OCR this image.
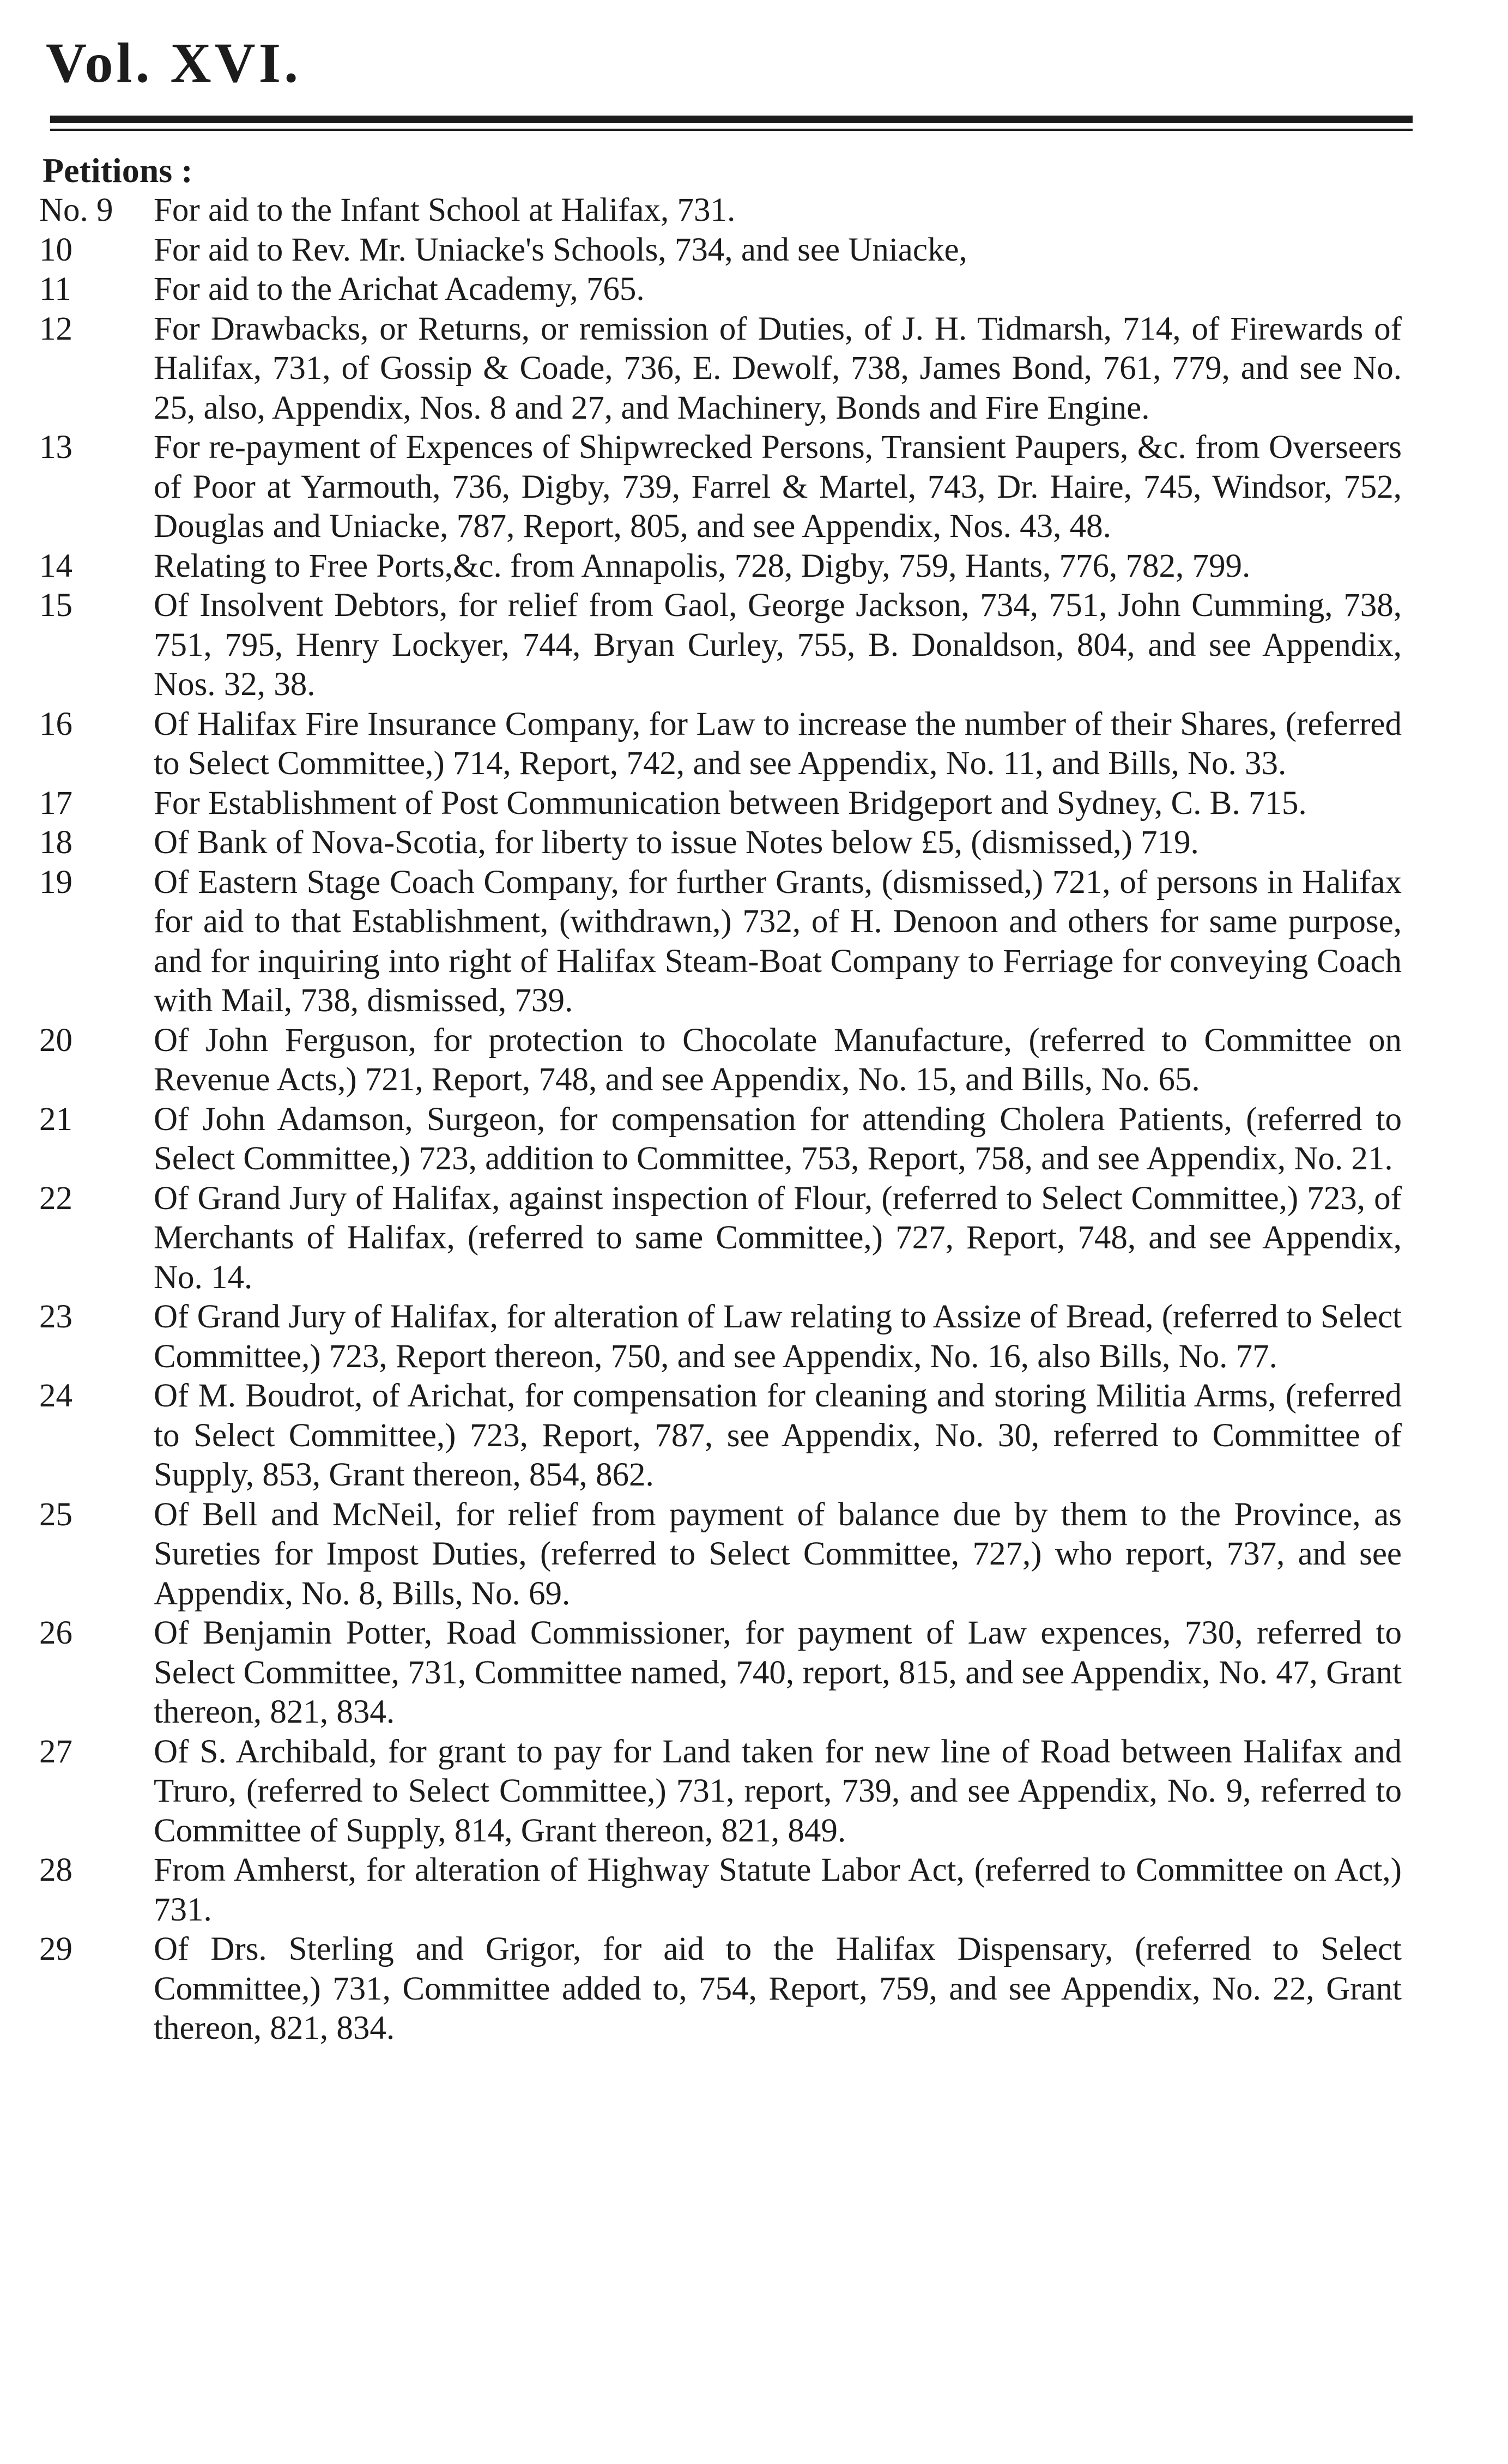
Vol. XVI.
Petitions :
No. 9	For aid to the Infant School at Halifax, 731.
10	For aid to Rev. Mr. Uniacke's Schools, 734, and see Uniacke,
11	For aid to the Arichat Academy, 765.
12	For Drawbacks, or Returns, or remission of Duties, of J. H. Tidmarsh, 714, of Firewards of Halifax, 731, of Gossip & Coade, 736, E. Dewolf, 738, James Bond, 761, 779, and see No. 25, also, Appendix, Nos. 8 and 27, and Machinery, Bonds and Fire Engine.
13	For re-payment of Expences of Shipwrecked Persons, Transient Paupers, &c. from Overseers of Poor at Yarmouth, 736, Digby, 739, Farrel & Martel, 743, Dr. Haire, 745, Windsor, 752, Douglas and Uniacke, 787, Report, 805, and see Appendix, Nos. 43, 48.
14	Relating to Free Ports,&c. from Annapolis, 728, Digby, 759, Hants, 776, 782, 799.
15	Of Insolvent Debtors, for relief from Gaol, George Jackson, 734, 751, John Cumming, 738, 751, 795, Henry Lockyer, 744, Bryan Curley, 755, B. Donaldson, 804, and see Appendix, Nos. 32, 38.
16	Of Halifax Fire Insurance Company, for Law to increase the number of their Shares, (referred to Select Committee,) 714, Report, 742, and see Appendix, No. 11, and Bills, No. 33.
17	For Establishment of Post Communication between Bridgeport and Sydney, C. B. 715.
18	Of Bank of Nova-Scotia, for liberty to issue Notes below £5, (dismissed,) 719.
19	Of Eastern Stage Coach Company, for further Grants, (dismissed,) 721, of persons in Halifax for aid to that Establishment, (withdrawn,) 732, of H. Denoon and others for same purpose, and for inquiring into right of Halifax Steam-Boat Company to Ferriage for conveying Coach with Mail, 738, dismissed, 739.
20	Of John Ferguson, for protection to Chocolate Manufacture, (referred to Committee on Revenue Acts,) 721, Report, 748, and see Appendix, No. 15, and Bills, No. 65.
21	Of John Adamson, Surgeon, for compensation for attending Cholera Patients, (referred to Select Committee,) 723, addition to Committee, 753, Report, 758, and see Appendix, No. 21.
22	Of Grand Jury of Halifax, against inspection of Flour, (referred to Select Committee,) 723, of Merchants of Halifax, (referred to same Committee,) 727, Report, 748, and see Appendix, No. 14.
23	Of Grand Jury of Halifax, for alteration of Law relating to Assize of Bread, (referred to Select Committee,) 723, Report thereon, 750, and see Appendix, No. 16, also Bills, No. 77.
24	Of M. Boudrot, of Arichat, for compensation for cleaning and storing Militia Arms, (referred to Select Committee,) 723, Report, 787, see Appendix, No. 30, referred to Committee of Supply, 853, Grant thereon, 854, 862.
25	Of Bell and McNeil, for relief from payment of balance due by them to the Province, as Sureties for Impost Duties, (referred to Select Committee, 727,) who report, 737, and see Appendix, No. 8, Bills, No. 69.
26	Of Benjamin Potter, Road Commissioner, for payment of Law expences, 730, referred to Select Committee, 731, Committee named, 740, report, 815, and see Appendix, No. 47, Grant thereon, 821, 834.
27	Of S. Archibald, for grant to pay for Land taken for new line of Road between Halifax and Truro, (referred to Select Committee,) 731, report, 739, and see Appendix, No. 9, referred to Committee of Supply, 814, Grant thereon, 821, 849.
28	From Amherst, for alteration of Highway Statute Labor Act, (referred to Committee on Act,) 731.
29	Of Drs. Sterling and Grigor, for aid to the Halifax Dispensary, (referred to Select Committee,) 731, Committee added to, 754, Report, 759, and see Appendix, No. 22, Grant thereon, 821, 834.
